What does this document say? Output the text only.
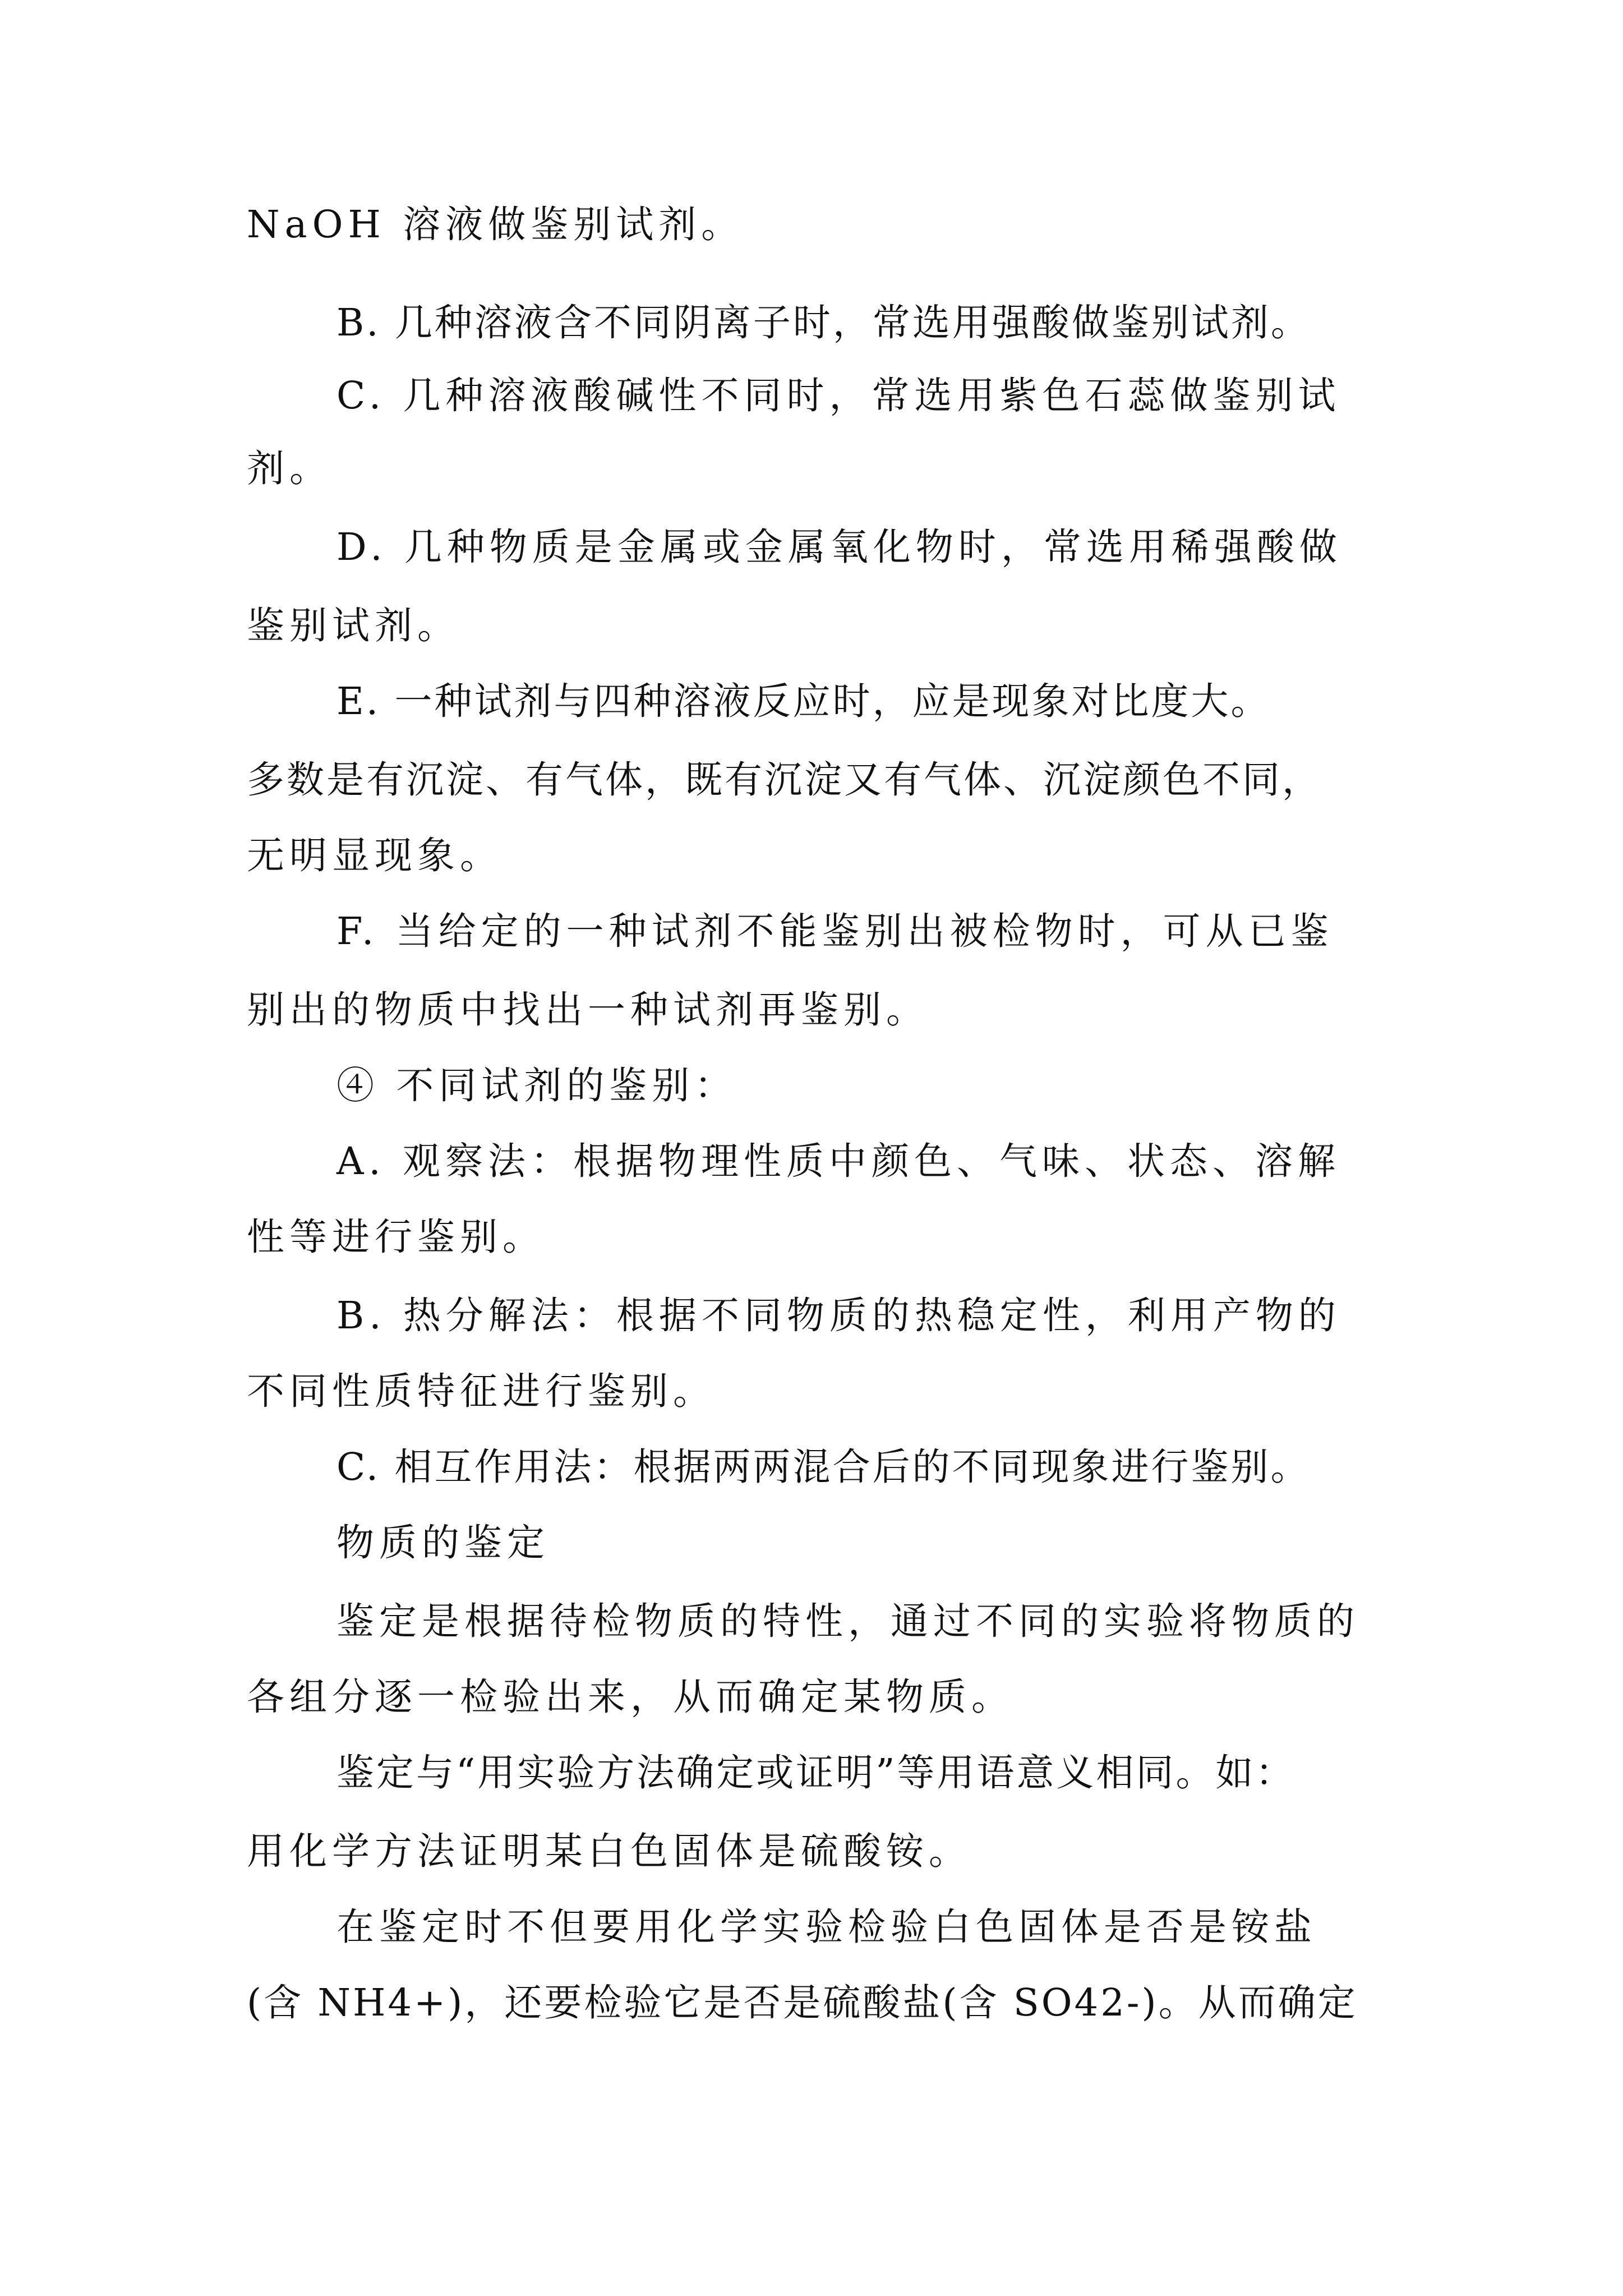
NaOH 溶液做鉴别试剂。
B. 几种溶液含不同阴离子时，常选用强酸做鉴别试剂。
C. 几种溶液酸碱性不同时，常选用紫色石蕊做鉴别试
剂。
D. 几种物质是金属或金属氧化物时，常选用稀强酸做
鉴别试剂。
E. 一种试剂与四种溶液反应时，应是现象对比度大。
多数是有沉淀、有气体，既有沉淀又有气体、沉淀颜色不同，
无明显现象。
F. 当给定的一种试剂不能鉴别出被检物时，可从已鉴
别出的物质中找出一种试剂再鉴别。
④ 不同试剂的鉴别：
A. 观察法：根据物理性质中颜色、气味、状态、溶解
性等进行鉴别。
B. 热分解法：根据不同物质的热稳定性，利用产物的
不同性质特征进行鉴别。
C. 相互作用法：根据两两混合后的不同现象进行鉴别。
物质的鉴定
鉴定是根据待检物质的特性，通过不同的实验将物质的
各组分逐一检验出来，从而确定某物质。
鉴定与“用实验方法确定或证明”等用语意义相同。如：
用化学方法证明某白色固体是硫酸铵。
在鉴定时不但要用化学实验检验白色固体是否是铵盐
(含 NH4+)，还要检验它是否是硫酸盐(含 SO42-)。从而确定
